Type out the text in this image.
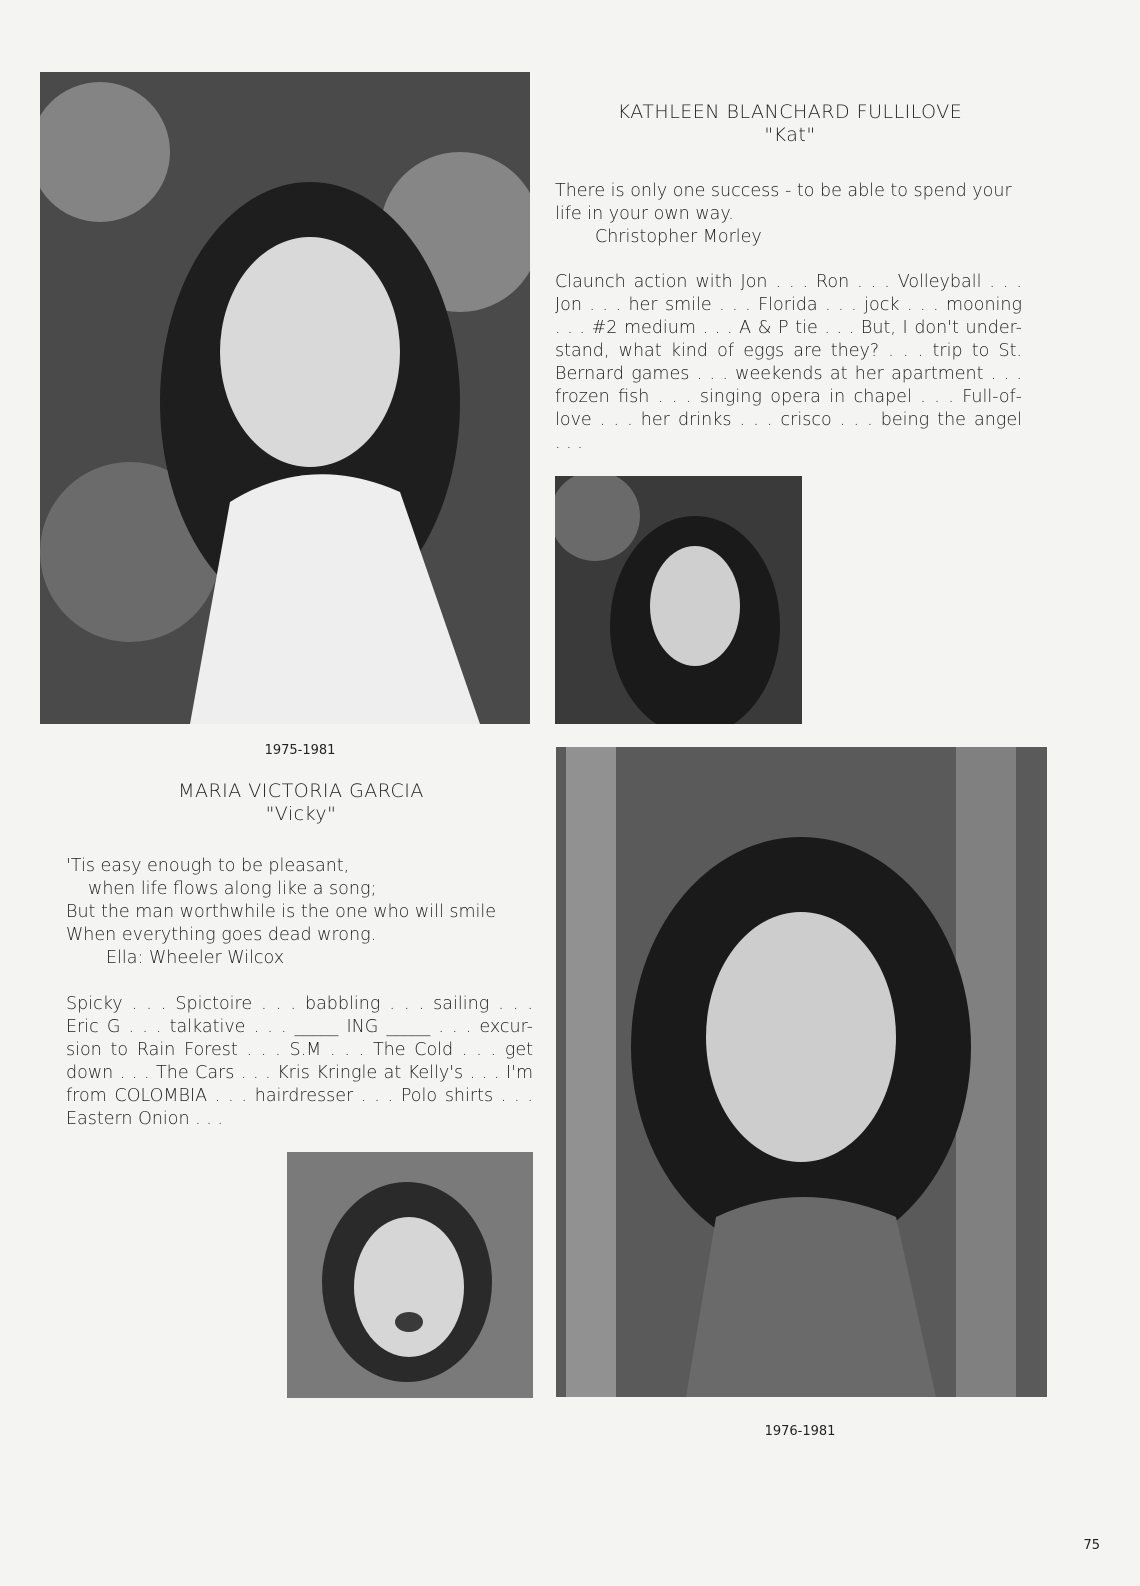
KATHLEEN BLANCHARD FULLILOVE
"Kat"
There is only one success - to be able to spend your
life in your own way.
Christopher Morley
Claunch action with Jon . . . Ron . . . Volleyball . . .
Jon . . . her smile . . . Florida . . . jock . . . mooning
. . . #2 medium . . . A & P tie . . . But, I don't under-
stand, what kind of eggs are they? . . . trip to St.
Bernard games . . . weekends at her apartment . . .
frozen fish . . . singing opera in chapel . . . Full-of-
love . . . her drinks . . . crisco . . . being the angel
. . .
1975-1981
MARIA VICTORIA GARCIA
"Vicky"
'Tis easy enough to be pleasant,
when life flows along like a song;
But the man worthwhile is the one who will smile
When everything goes dead wrong.
Ella: Wheeler Wilcox
Spicky . . . Spictoire . . . babbling . . . sailing . . .
Eric G . . . talkative . . . _____ ING _____ . . . excur-
sion to Rain Forest . . . S.M . . . The Cold . . . get
down . . . The Cars . . . Kris Kringle at Kelly's . . . I'm
from COLOMBIA . . . hairdresser . . . Polo shirts . . .
Eastern Onion . . .
1976-1981
75
